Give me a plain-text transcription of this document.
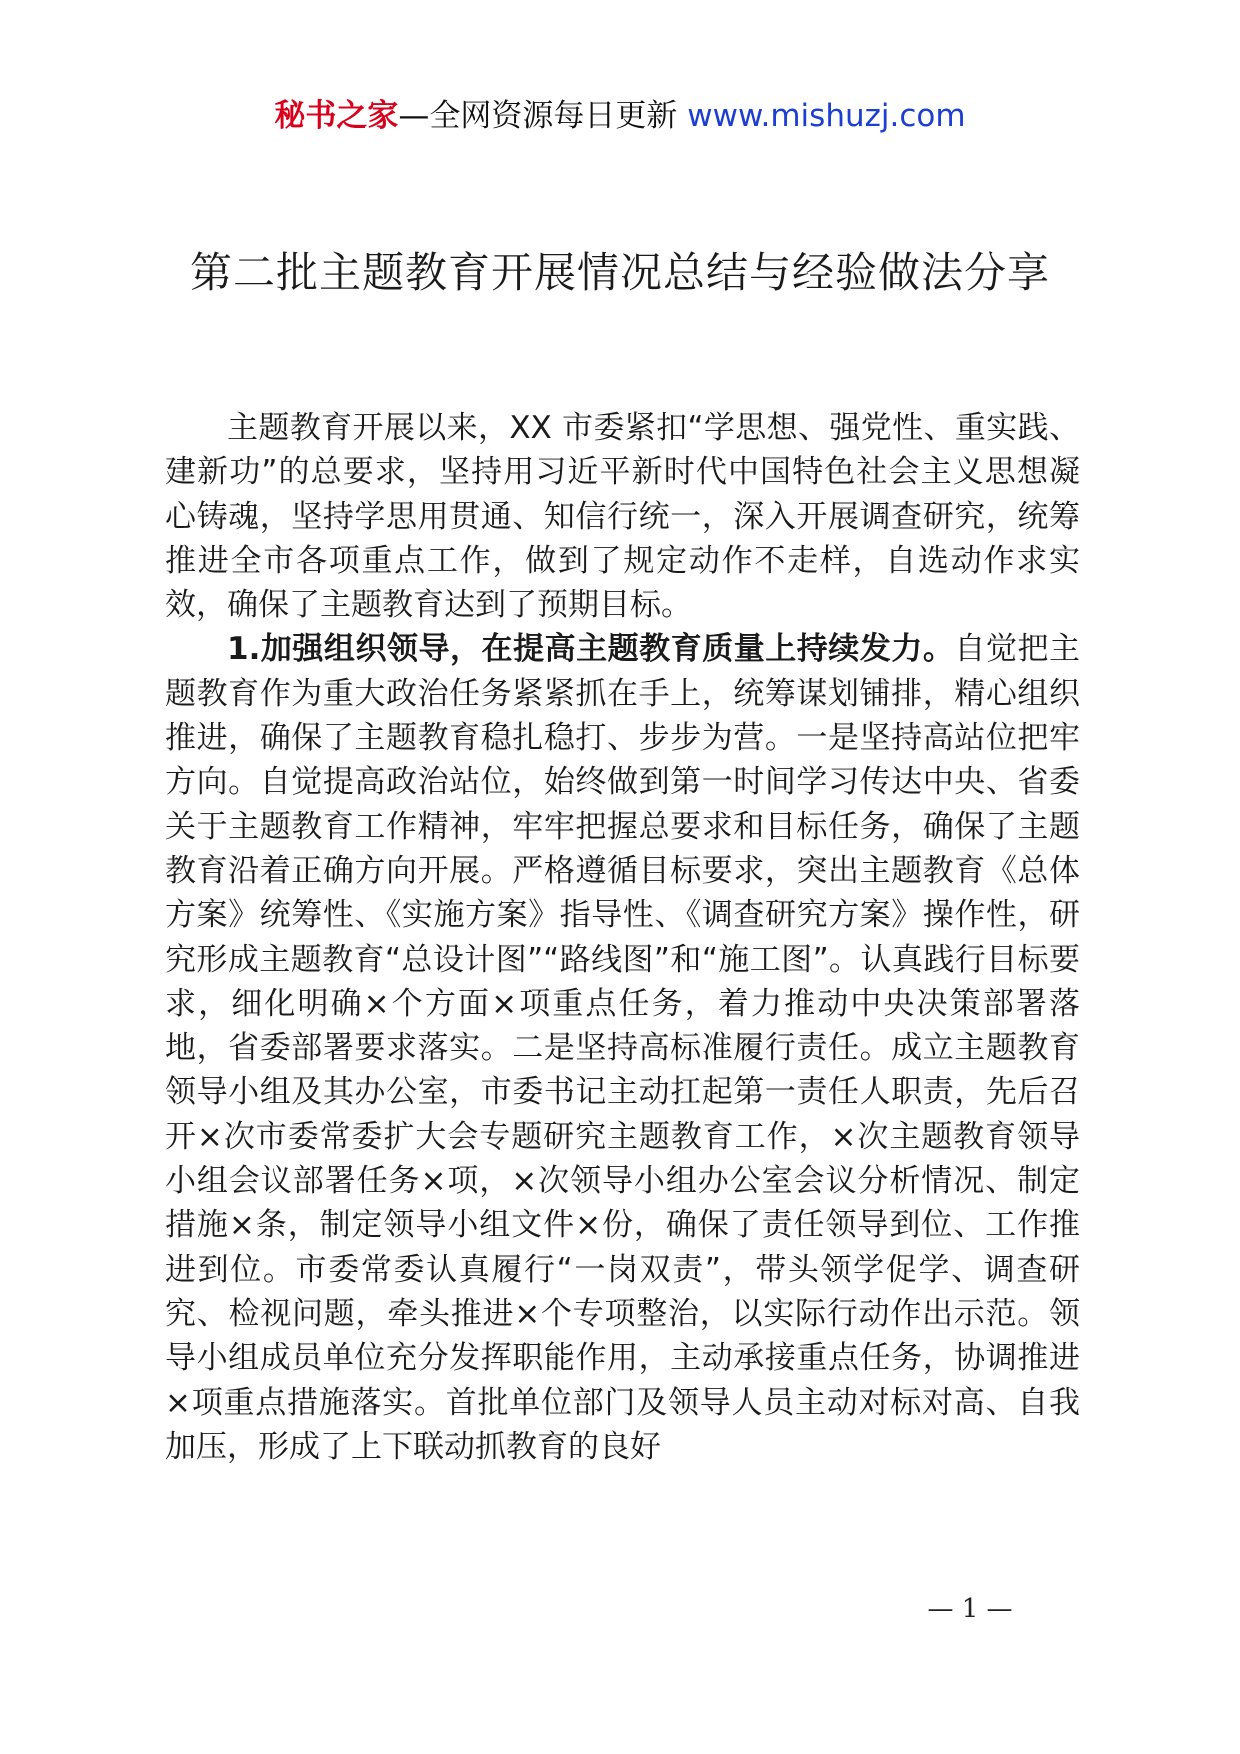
秘书之家—全网资源每日更新 www.mishuzj.com
第二批主题教育开展情况总结与经验做法分享

主题教育开展以来，XX 市委紧扣“学思想、强党性、重实践、建新功”的总要求，坚持用习近平新时代中国特色社会主义思想凝心铸魂，坚持学思用贯通、知信行统一，深入开展调查研究，统筹推进全市各项重点工作，做到了规定动作不走样，自选动作求实效，确保了主题教育达到了预期目标。

1.加强组织领导，在提高主题教育质量上持续发力。自觉把主题教育作为重大政治任务紧紧抓在手上，统筹谋划铺排，精心组织推进，确保了主题教育稳扎稳打、步步为营。一是坚持高站位把牢方向。自觉提高政治站位，始终做到第一时间学习传达中央、省委关于主题教育工作精神，牢牢把握总要求和目标任务，确保了主题教育沿着正确方向开展。严格遵循目标要求，突出主题教育《总体方案》统筹性、《实施方案》指导性、《调查研究方案》操作性，研究形成主题教育“总设计图”“路线图”和“施工图”。认真践行目标要求，细化明确×个方面×项重点任务，着力推动中央决策部署落地，省委部署要求落实。二是坚持高标准履行责任。成立主题教育领导小组及其办公室，市委书记主动扛起第一责任人职责，先后召开×次市委常委扩大会专题研究主题教育工作，×次主题教育领导小组会议部署任务×项，×次领导小组办公室会议分析情况、制定措施×条，制定领导小组文件×份，确保了责任领导到位、工作推进到位。市委常委认真履行“一岗双责”，带头领学促学、调查研究、检视问题，牵头推进×个专项整治，以实际行动作出示范。领导小组成员单位充分发挥职能作用，主动承接重点任务，协调推进×项重点措施落实。首批单位部门及领导人员主动对标对高、自我加压，形成了上下联动抓教育的良好

— 1 —
